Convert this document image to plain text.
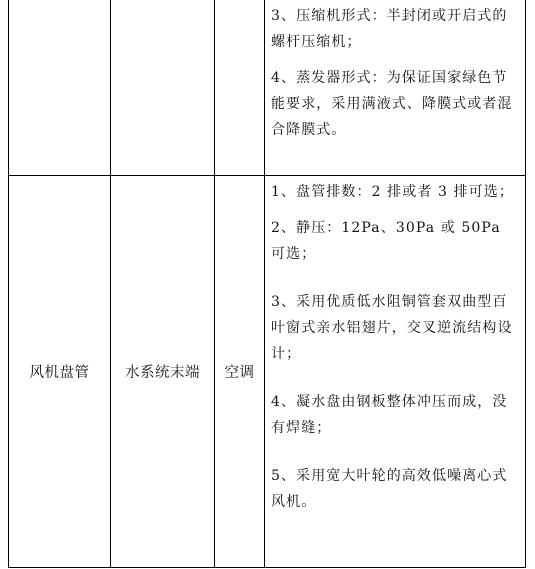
			3、压缩机形式：半封闭或开启式的螺杆压缩机；

4、蒸发器形式：为保证国家绿色节能要求，采用满液式、降膜式或者混合降膜式。

风机盘管	水系统末端	空调	1、盘管排数：2 排或者 3 排可选；

2、静压：12Pa、30Pa 或 50Pa 可选；

3、采用优质低水阻铜管套双曲型百叶窗式亲水铝翅片，交叉逆流结构设计；

4、凝水盘由钢板整体冲压而成，没有焊缝；

5、采用宽大叶轮的高效低噪离心式风机。
